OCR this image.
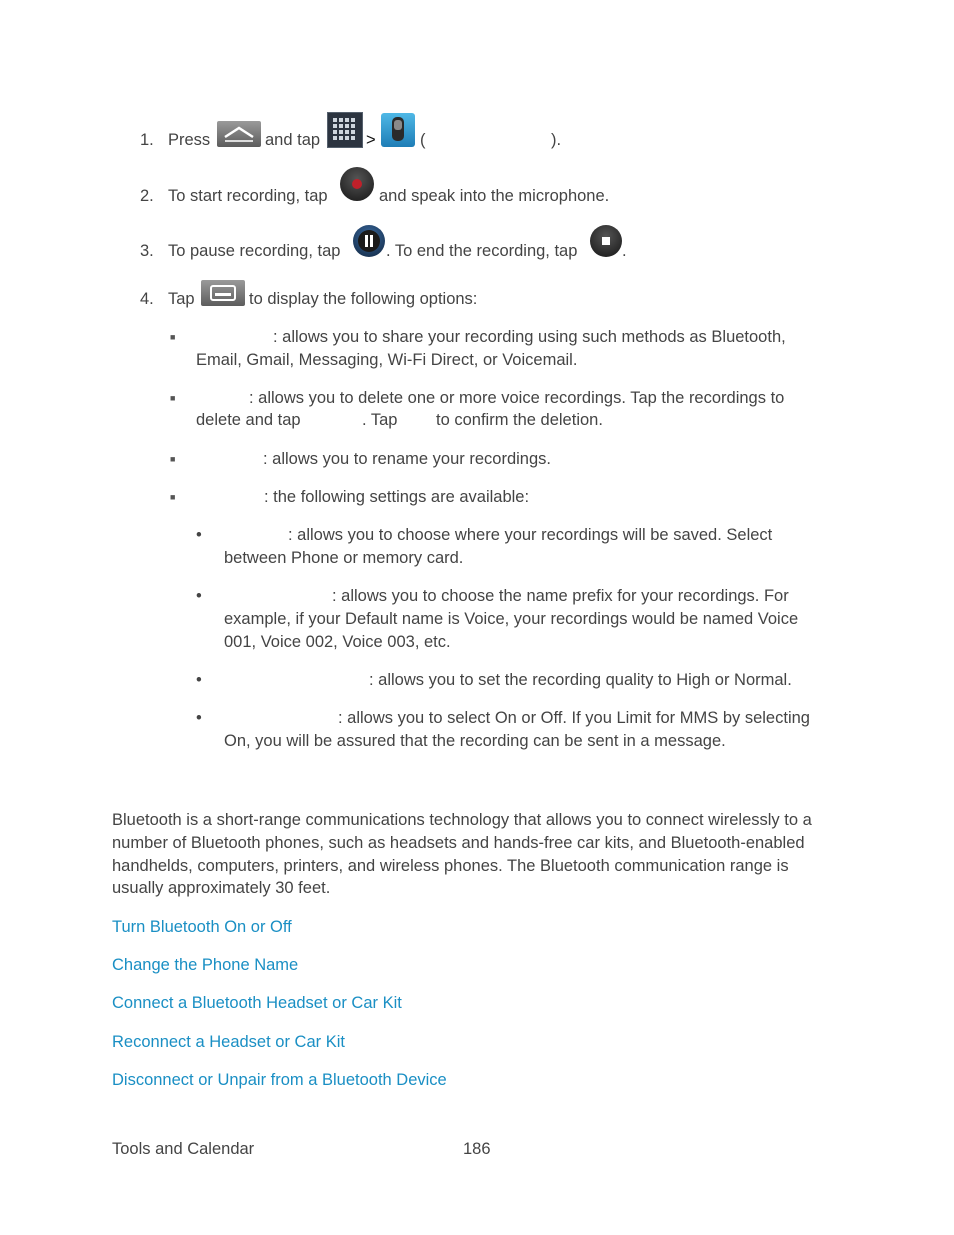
1. Press	and tap	>	(	).
2. To start recording, tap	and speak into the microphone.
3. To pause recording, tap	. To end the recording, tap	.
4. Tap	to display the following options:
■	: allows you to share your recording using such methods as Bluetooth,
Email, Gmail, Messaging, Wi-Fi Direct, or Voicemail.
■	: allows you to delete one or more voice recordings. Tap the recordings to
delete and tap	. Tap to confirm the deletion.
■	: allows you to rename your recordings.
■	: the following settings are available:
•	: allows you to choose where your recordings will be saved. Select
between Phone or memory card.
•	: allows you to choose the name prefix for your recordings. For
example, if your Default name is Voice, your recordings would be named Voice
001, Voice 002, Voice 003, etc.
•	: allows you to set the recording quality to High or Normal.
•	: allows you to select On or Off. If you Limit for MMS by selecting
On, you will be assured that the recording can be sent in a message.
Bluetooth is a short-range communications technology that allows you to connect wirelessly to a
number of Bluetooth phones, such as headsets and hands-free car kits, and Bluetooth-enabled
handhelds, computers, printers, and wireless phones. The Bluetooth communication range is
usually approximately 30 feet.
Turn Bluetooth On or Off
Change the Phone Name
Connect a Bluetooth Headset or Car Kit
Reconnect a Headset or Car Kit
Disconnect or Unpair from a Bluetooth Device
Tools and Calendar	186
